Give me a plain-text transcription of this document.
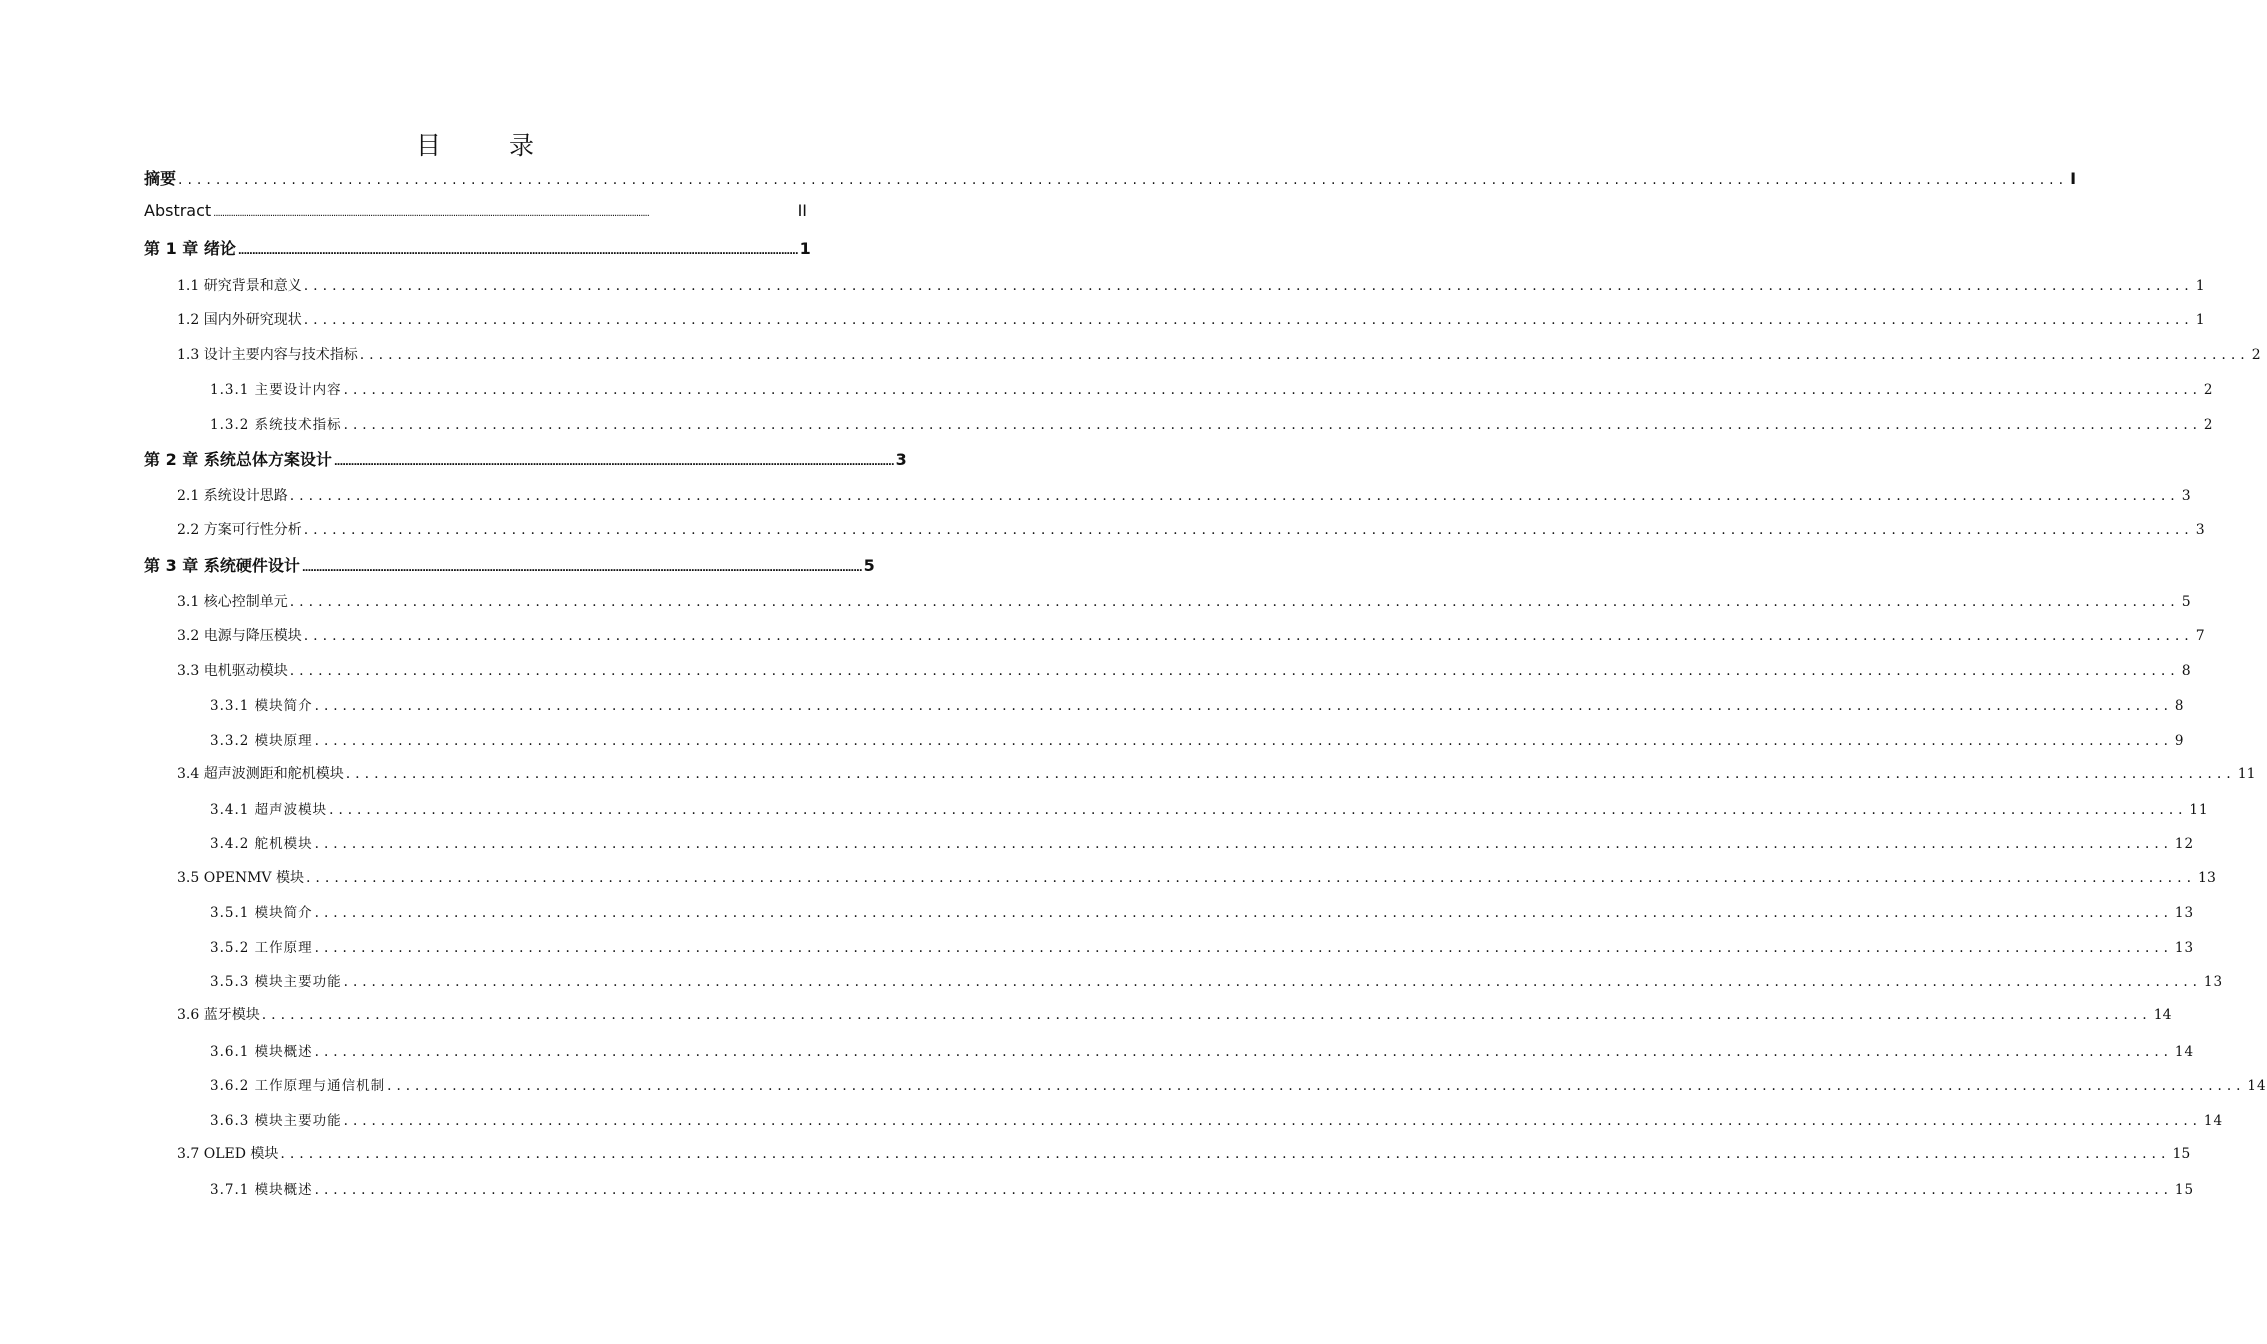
目 录
摘要 ........................................................................................................................................................................................................ I
Abstract ........................................................................................................................................................................................................	II
第 1 章 绪论 ........................................................................................................................................................................................................ 1
1.1 研究背景和意义 ........................................................................................................................................................................................................ 1
1.2 国内外研究现状 ........................................................................................................................................................................................................ 1
1.3 设计主要内容与技术指标 ........................................................................................................................................................................................................ 2
1.3.1 主要设计内容 ........................................................................................................................................................................................................ 2
1.3.2 系统技术指标 ........................................................................................................................................................................................................ 2
第 2 章 系统总体方案设计 ........................................................................................................................................................................................................ 3
2.1 系统设计思路 ........................................................................................................................................................................................................ 3
2.2 方案可行性分析 ........................................................................................................................................................................................................ 3
第 3 章 系统硬件设计 ........................................................................................................................................................................................................ 5
3.1 核心控制单元 ........................................................................................................................................................................................................ 5
3.2 电源与降压模块 ........................................................................................................................................................................................................ 7
3.3 电机驱动模块 ........................................................................................................................................................................................................ 8
3.3.1 模块简介 ........................................................................................................................................................................................................ 8
3.3.2 模块原理 ........................................................................................................................................................................................................ 9
3.4 超声波测距和舵机模块 ........................................................................................................................................................................................................ 11
3.4.1 超声波模块 ........................................................................................................................................................................................................ 11
3.4.2 舵机模块 ........................................................................................................................................................................................................ 12
3.5 OPENMV 模块 ........................................................................................................................................................................................................ 13
3.5.1 模块简介 ........................................................................................................................................................................................................ 13
3.5.2 工作原理 ........................................................................................................................................................................................................ 13
3.5.3 模块主要功能 ........................................................................................................................................................................................................ 13
3.6 蓝牙模块 ........................................................................................................................................................................................................ 14
3.6.1 模块概述 ........................................................................................................................................................................................................ 14
3.6.2 工作原理与通信机制 ........................................................................................................................................................................................................ 14
3.6.3 模块主要功能 ........................................................................................................................................................................................................ 14
3.7 OLED 模块 ........................................................................................................................................................................................................ 15
3.7.1 模块概述 ........................................................................................................................................................................................................ 15
